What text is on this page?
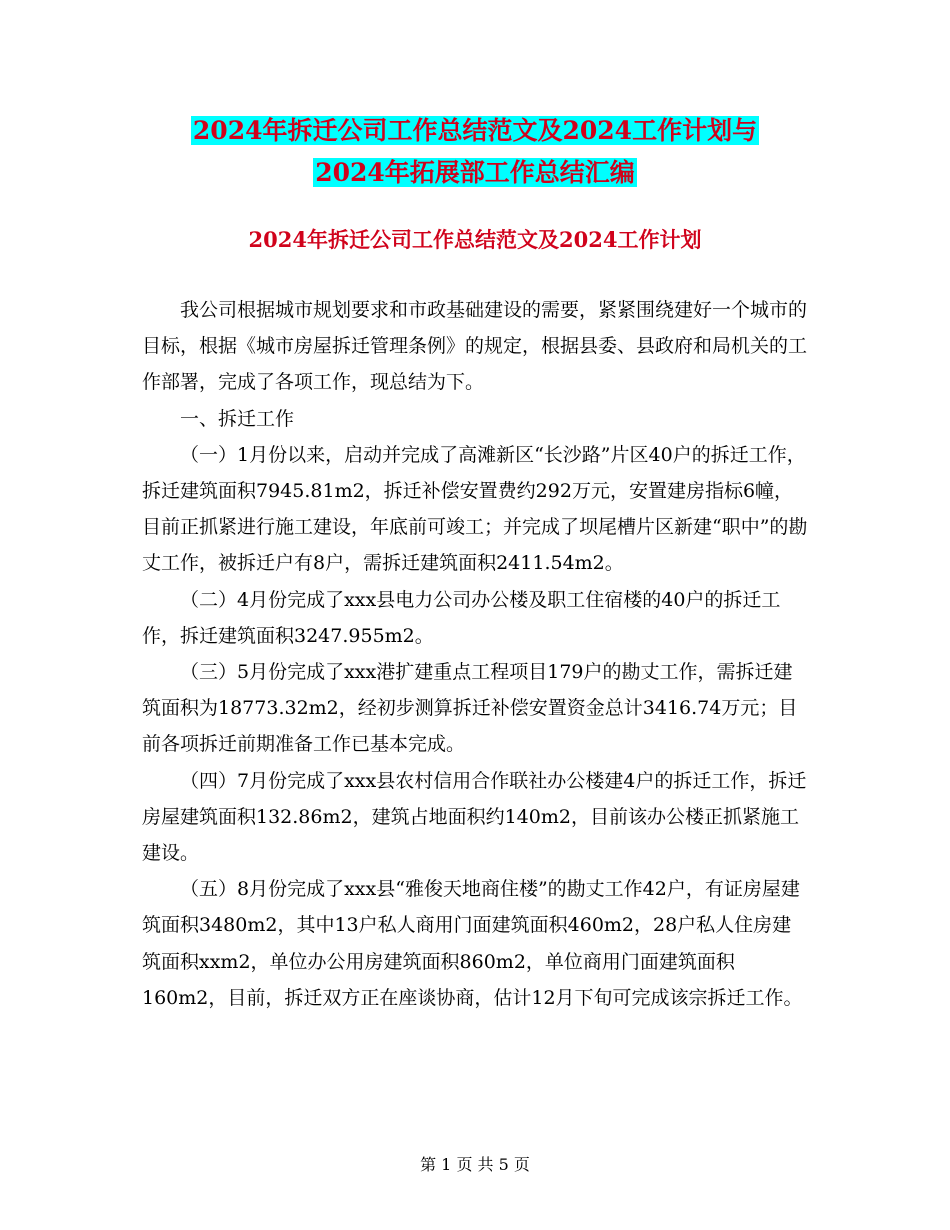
2024年拆迁公司工作总结范文及2024工作计划与
2024年拓展部工作总结汇编
2024年拆迁公司工作总结范文及2024工作计划

我公司根据城市规划要求和市政基础建设的需要，紧紧围绕建好一个城市的目标，根据《城市房屋拆迁管理条例》的规定，根据县委、县政府和局机关的工作部署，完成了各项工作，现总结为下。

一、拆迁工作

（一）1月份以来，启动并完成了高滩新区“长沙路”片区40户的拆迁工作，拆迁建筑面积7945.81m2，拆迁补偿安置费约292万元，安置建房指标6幢，目前正抓紧进行施工建设，年底前可竣工；并完成了坝尾槽片区新建“职中”的勘丈工作，被拆迁户有8户，需拆迁建筑面积2411.54m2。

（二）4月份完成了xxx县电力公司办公楼及职工住宿楼的40户的拆迁工作，拆迁建筑面积3247.955m2。

（三）5月份完成了xxx港扩建重点工程项目179户的勘丈工作，需拆迁建筑面积为18773.32m2，经初步测算拆迁补偿安置资金总计3416.74万元；目前各项拆迁前期准备工作已基本完成。

（四）7月份完成了xxx县农村信用合作联社办公楼建4户的拆迁工作，拆迁房屋建筑面积132.86m2，建筑占地面积约140m2，目前该办公楼正抓紧施工建设。

（五）8月份完成了xxx县“雅俊天地商住楼”的勘丈工作42户，有证房屋建筑面积3480m2，其中13户私人商用门面建筑面积460m2，28户私人住房建筑面积xxm2，单位办公用房建筑面积860m2，单位商用门面建筑面积160m2，目前，拆迁双方正在座谈协商，估计12月下旬可完成该宗拆迁工作。

第 1 页 共 5 页
